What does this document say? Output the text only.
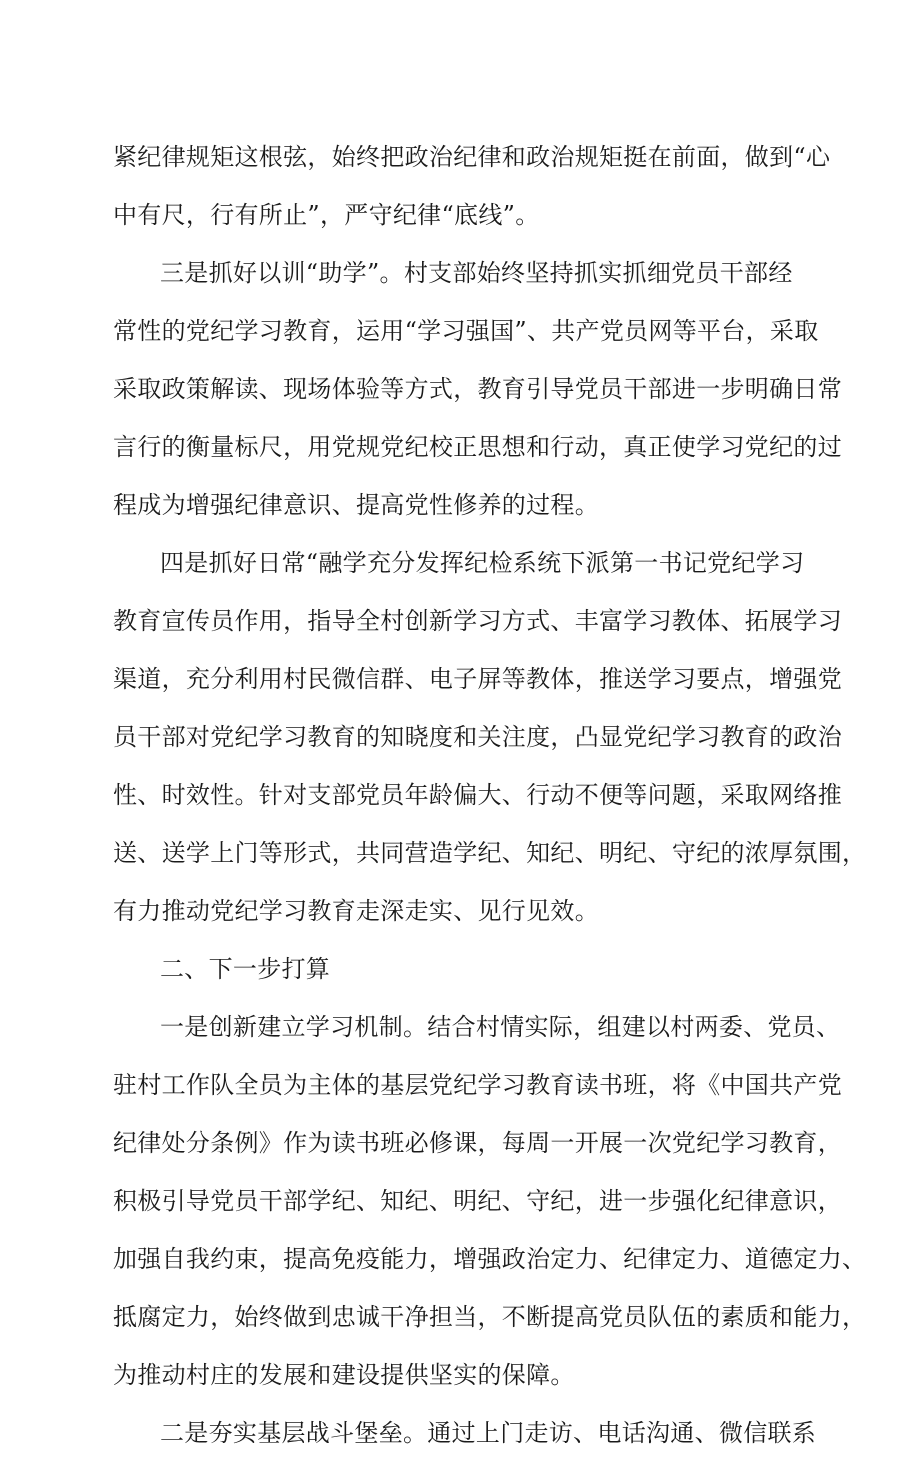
紧纪律规矩这根弦，始终把政治纪律和政治规矩挺在前面，做到“心
中有尺，行有所止”，严守纪律“底线”。
三是抓好以训“助学”。村支部始终坚持抓实抓细党员干部经
常性的党纪学习教育，运用“学习强国”、共产党员网等平台，采取
采取政策解读、现场体验等方式，教育引导党员干部进一步明确日常
言行的衡量标尺，用党规党纪校正思想和行动，真正使学习党纪的过
程成为增强纪律意识、提高党性修养的过程。
四是抓好日常“融学充分发挥纪检系统下派第一书记党纪学习
教育宣传员作用，指导全村创新学习方式、丰富学习教体、拓展学习
渠道，充分利用村民微信群、电子屏等教体，推送学习要点，增强党
员干部对党纪学习教育的知晓度和关注度，凸显党纪学习教育的政治
性、时效性。针对支部党员年龄偏大、行动不便等问题，采取网络推
送、送学上门等形式，共同营造学纪、知纪、明纪、守纪的浓厚氛围，
有力推动党纪学习教育走深走实、见行见效。
二、下一步打算
一是创新建立学习机制。结合村情实际，组建以村两委、党员、
驻村工作队全员为主体的基层党纪学习教育读书班，将《中国共产党
纪律处分条例》作为读书班必修课，每周一开展一次党纪学习教育，
积极引导党员干部学纪、知纪、明纪、守纪，进一步强化纪律意识，
加强自我约束，提高免疫能力，增强政治定力、纪律定力、道德定力、
抵腐定力，始终做到忠诚干净担当，不断提高党员队伍的素质和能力，
为推动村庄的发展和建设提供坚实的保障。
二是夯实基层战斗堡垒。通过上门走访、电话沟通、微信联系
